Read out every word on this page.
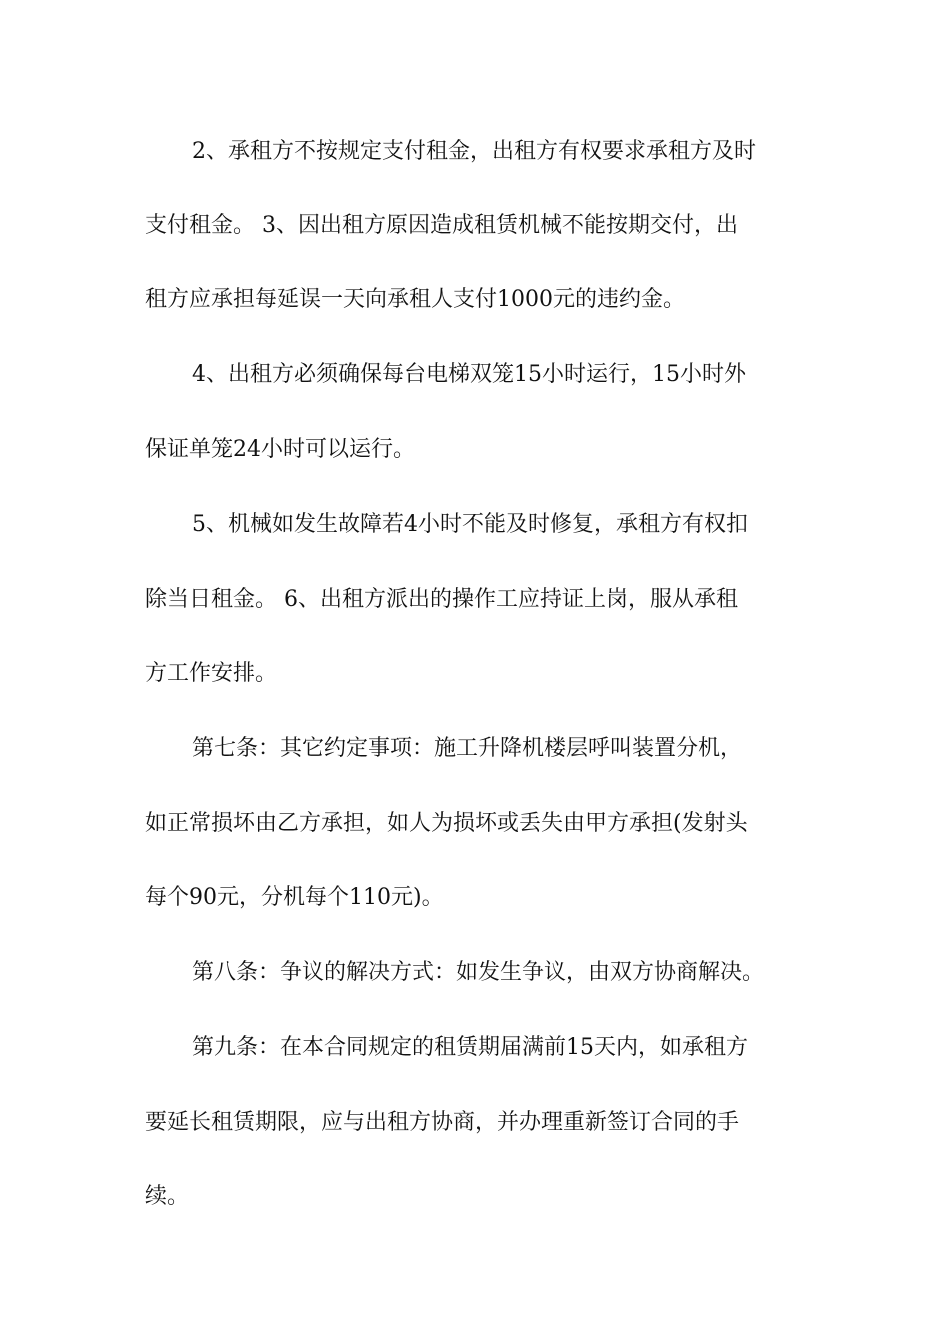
2、承租方不按规定支付租金，出租方有权要求承租方及时
支付租金。 3、因出租方原因造成租赁机械不能按期交付，出
租方应承担每延误一天向承租人支付1000元的违约金。
4、出租方必须确保每台电梯双笼15小时运行，15小时外
保证单笼24小时可以运行。
5、机械如发生故障若4小时不能及时修复，承租方有权扣
除当日租金。 6、出租方派出的操作工应持证上岗，服从承租
方工作安排。
第七条：其它约定事项：施工升降机楼层呼叫装置分机，
如正常损坏由乙方承担，如人为损坏或丢失由甲方承担(发射头
每个90元，分机每个110元)。
第八条：争议的解决方式：如发生争议，由双方协商解决。
第九条：在本合同规定的租赁期届满前15天内，如承租方
要延长租赁期限，应与出租方协商，并办理重新签订合同的手
续。
